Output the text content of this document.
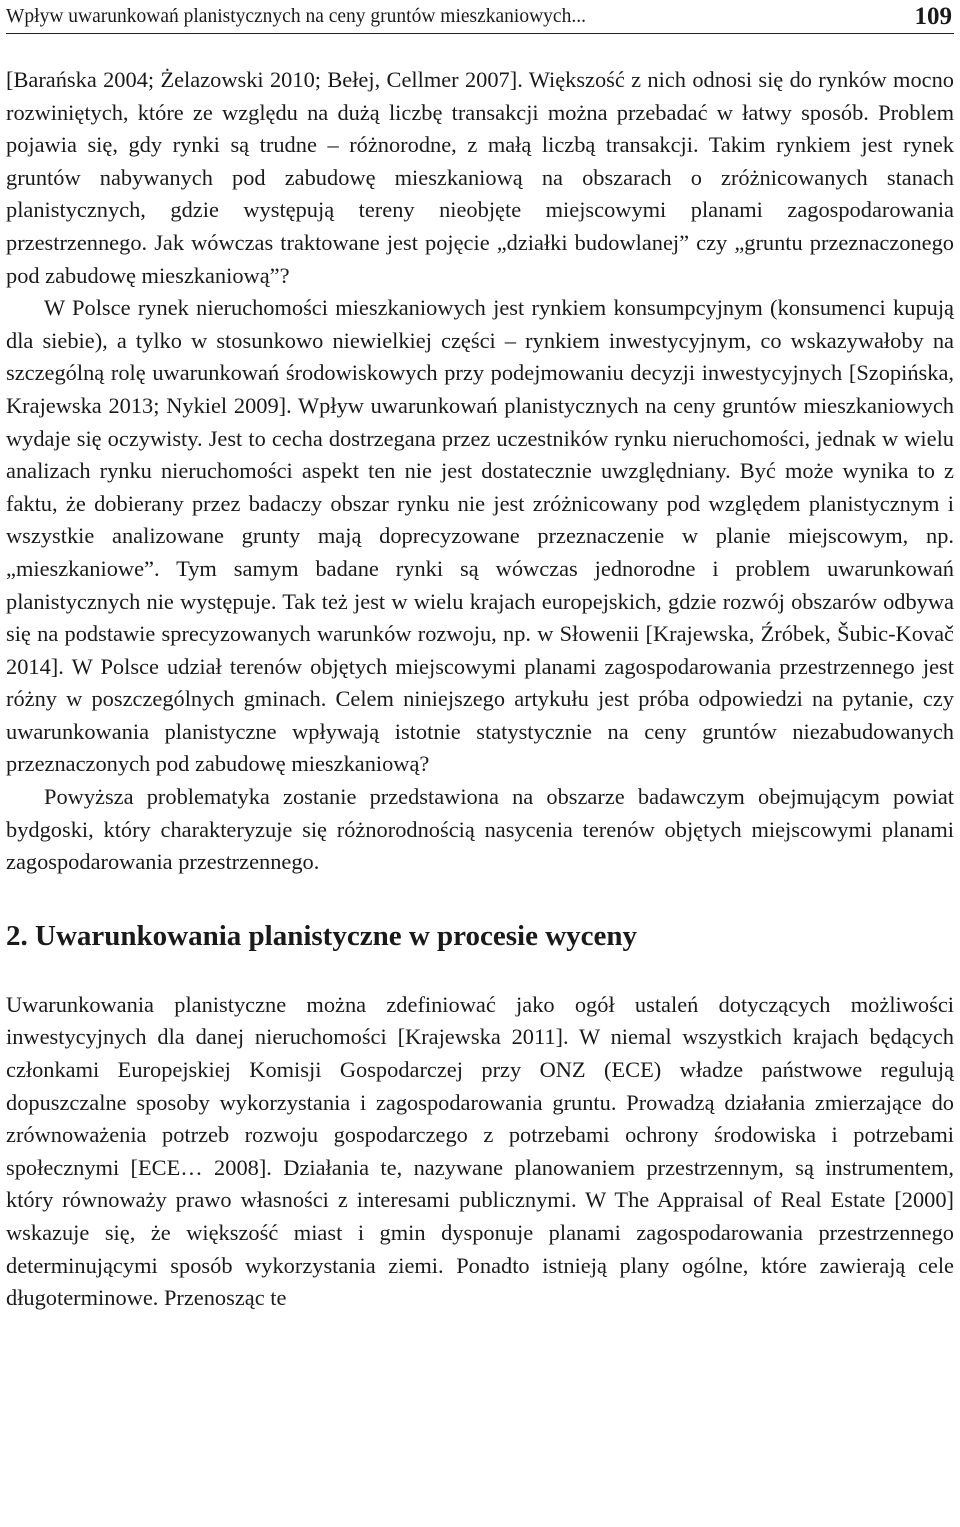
Wpływ uwarunkowań planistycznych na ceny gruntów mieszkaniowych...	109

[Barańska 2004; Żelazowski 2010; Bełej, Cellmer 2007]. Większość z nich odnosi się do rynków mocno rozwiniętych, które ze względu na dużą liczbę transakcji można przebadać w łatwy sposób. Problem pojawia się, gdy rynki są trudne – różnorodne, z małą liczbą transakcji. Takim rynkiem jest rynek gruntów nabywanych pod zabudowę mieszkaniową na obszarach o zróżnicowanych stanach planistycznych, gdzie występują tereny nieobjęte miejscowymi planami zagospodarowania przestrzennego. Jak wówczas traktowane jest pojęcie „działki budowlanej” czy „gruntu przeznaczonego pod zabudowę mieszkaniową”?

W Polsce rynek nieruchomości mieszkaniowych jest rynkiem konsumpcyjnym (konsumenci kupują dla siebie), a tylko w stosunkowo niewielkiej części – rynkiem inwestycyjnym, co wskazywałoby na szczególną rolę uwarunkowań środowiskowych przy podejmowaniu decyzji inwestycyjnych [Szopińska, Krajewska 2013; Nykiel 2009]. Wpływ uwarunkowań planistycznych na ceny gruntów mieszkaniowych wydaje się oczywisty. Jest to cecha dostrzegana przez uczestników rynku nieruchomości, jednak w wielu analizach rynku nieruchomości aspekt ten nie jest dostatecznie uwzględniany. Być może wynika to z faktu, że dobierany przez badaczy obszar rynku nie jest zróżnicowany pod względem planistycznym i wszystkie analizowane grunty mają doprecyzowane przeznaczenie w planie miejscowym, np. „mieszkaniowe”. Tym samym badane rynki są wówczas jednorodne i problem uwarunkowań planistycznych nie występuje. Tak też jest w wielu krajach europejskich, gdzie rozwój obszarów odbywa się na podstawie sprecyzowanych warunków rozwoju, np. w Słowenii [Krajewska, Źróbek, Šubic-Kovač 2014]. W Polsce udział terenów objętych miejscowymi planami zagospodarowania przestrzennego jest różny w poszczególnych gminach. Celem niniejszego artykułu jest próba odpowiedzi na pytanie, czy uwarunkowania planistyczne wpływają istotnie statystycznie na ceny gruntów niezabudowanych przeznaczonych pod zabudowę mieszkaniową?

Powyższa problematyka zostanie przedstawiona na obszarze badawczym obejmującym powiat bydgoski, który charakteryzuje się różnorodnością nasycenia terenów objętych miejscowymi planami zagospodarowania przestrzennego.

2. Uwarunkowania planistyczne w procesie wyceny

Uwarunkowania planistyczne można zdefiniować jako ogół ustaleń dotyczących możliwości inwestycyjnych dla danej nieruchomości [Krajewska 2011]. W niemal wszystkich krajach będących członkami Europejskiej Komisji Gospodarczej przy ONZ (ECE) władze państwowe regulują dopuszczalne sposoby wykorzystania i zagospodarowania gruntu. Prowadzą działania zmierzające do zrównoważenia potrzeb rozwoju gospodarczego z potrzebami ochrony środowiska i potrzebami społecznymi [ECE… 2008]. Działania te, nazywane planowaniem przestrzennym, są instrumentem, który równoważy prawo własności z interesami publicznymi. W The Appraisal of Real Estate [2000] wskazuje się, że większość miast i gmin dysponuje planami zagospodarowania przestrzennego determinującymi sposób wykorzystania ziemi. Ponadto istnieją plany ogólne, które zawierają cele długoterminowe. Przenosząc te
